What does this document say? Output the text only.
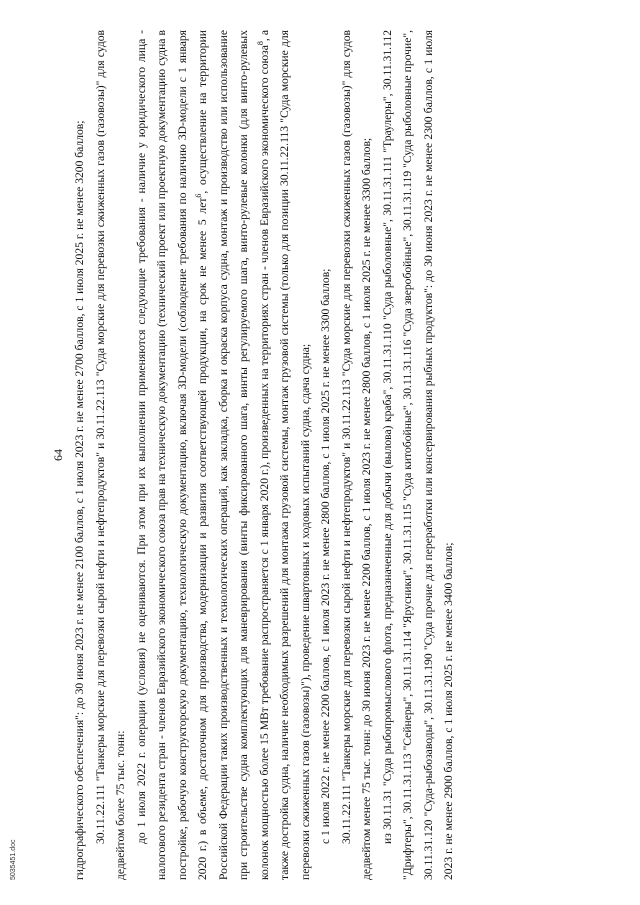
64 гидрографического обеспечения": до 30 июня 2023 г. не менее 2100 баллов, с 1 июля 2023 г. не менее 2700 баллов, с 1 июля 2025 г. не менее 3200 баллов; 30.11.22.111 "Танкеры морские для перевозки сырой нефти и нефтепродуктов" и 30.11.22.113 "Суда морские для перевозки сжиженных газов (газовозы)" для судов дедвейтом более 75 тыс. тонн: до 1 июля 2022 г. операции (условия) не оцениваются. При этом при их выполнении применяются следующие требования - наличие у юридического лица - налогового резидента стран - членов Евразийского экономического союза прав на техническую документацию (технический проект или проектную документацию судна в постройке, рабочую конструкторскую документацию, технологическую документацию, включая 3D-модели (соблюдение требования по наличию 3D-модели с 1 января 2020 г.) в объеме, достаточном для производства, модернизации и развития соответствующей продукции, на срок не менее 5 лет$^6$, осуществление на территории Российской Федерации таких производственных и технологических операций, как закладка, сборка и окраска корпуса судна, монтаж и производство или использование при строительстве судна комплектующих для маневрирования (винты фиксированного шага, винты регулируемого шага, винто-рулевые колонки (для винто-рулевых колонок мощностью более 15 МВт требование распространяется с 1 января 2020 г.), произведенных на территориях стран - членов Евразийского экономического союза$^8$, а также достройка судна, наличие необходимых разрешений для монтажа грузовой системы, монтаж грузовой системы (только для позиции 30.11.22.113 "Суда морские для перевозки сжиженных газов (газовозы)"), проведение швартовных и ходовых испытаний судна, сдача судна; с 1 июля 2022 г. не менее 2200 баллов, с 1 июля 2023 г. не менее 2800 баллов, с 1 июля 2025 г. не менее 3300 баллов; 30.11.22.111 "Танкеры морские для перевозки сырой нефти и нефтепродуктов" и 30.11.22.113 "Суда морские для перевозки сжиженных газов (газовозы)" для судов дедвейтом менее 75 тыс. тонн: до 30 июня 2023 г. не менее 2200 баллов, с 1 июля 2023 г. не менее 2800 баллов, с 1 июля 2025 г. не менее 3300 баллов; из 30.11.31 "Суда рыбопромыслового флота, предназначенные для добычи (вылова) краба", 30.11.31.110 "Суда рыболовные", 30.11.31.111 "Траулеры", 30.11.31.112 "Дрифтеры", 30.11.31.113 "Сейнеры", 30.11.31.114 "Ярусники", 30.11.31.115 "Суда китобойные", 30.11.31.116 "Суда зверобойные", 30.11.31.119 "Суда рыболовные прочие", 30.11.31.120 "Суда-рыбозаводы", 30.11.31.190 "Суда прочие для переработки или консервирования рыбных продуктов": до 30 июня 2023 г. не менее 2300 баллов, с 1 июля 2023 г. не менее 2900 баллов, с 1 июля 2025 г. не менее 3400 баллов;

5035451.doc
